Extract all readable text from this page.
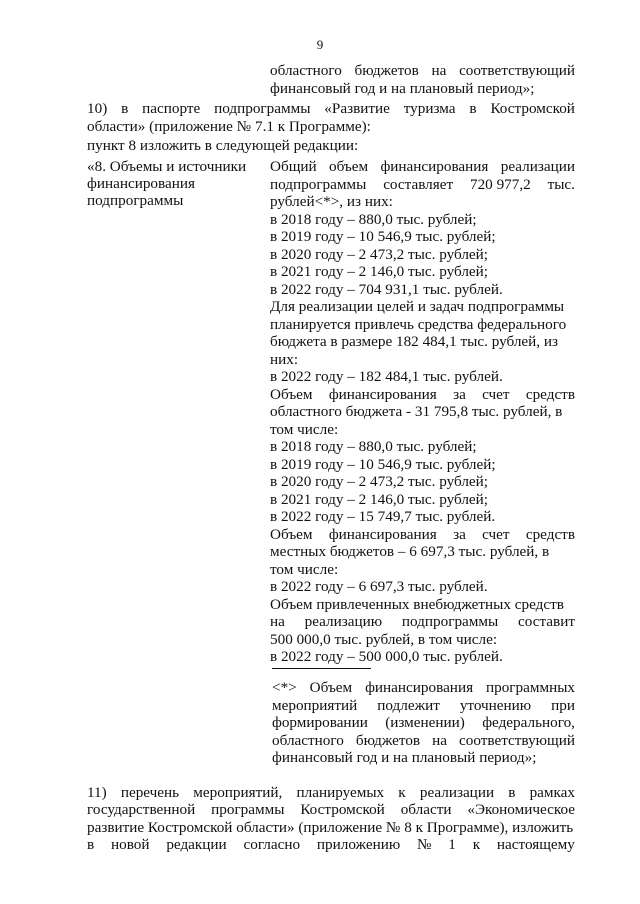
9
областного бюджетов на соответствующий
финансовый год и на плановый период»;
10) в паспорте подпрограммы «Развитие туризма в Костромской
области» (приложение № 7.1 к Программе):
пункт 8 изложить в следующей редакции:
«8. Объемы и источники
финансирования
подпрограммы
Общий объем финансирования реализации
подпрограммы составляет 720 977,2 тыс.
рублей<*>, из них:
в 2018 году – 880,0 тыс. рублей;
в 2019 году – 10 546,9 тыс. рублей;
в 2020 году – 2 473,2 тыс. рублей;
в 2021 году – 2 146,0 тыс. рублей;
в 2022 году – 704 931,1 тыс. рублей.
Для реализации целей и задач подпрограммы
планируется привлечь средства федерального
бюджета в размере 182 484,1 тыс. рублей, из
них:
в 2022 году – 182 484,1 тыс. рублей.
Объем финансирования за счет средств
областного бюджета - 31 795,8 тыс. рублей, в
том числе:
в 2018 году – 880,0 тыс. рублей;
в 2019 году – 10 546,9 тыс. рублей;
в 2020 году – 2 473,2 тыс. рублей;
в 2021 году – 2 146,0 тыс. рублей;
в 2022 году – 15 749,7 тыс. рублей.
Объем финансирования за счет средств
местных бюджетов – 6 697,3 тыс. рублей, в
том числе:
в 2022 году – 6 697,3 тыс. рублей.
Объем привлеченных внебюджетных средств
на реализацию подпрограммы составит
500 000,0 тыс. рублей, в том числе:
в 2022 году – 500 000,0 тыс. рублей.
<*> Объем финансирования программных
мероприятий подлежит уточнению при
формировании (изменении) федерального,
областного бюджетов на соответствующий
финансовый год и на плановый период»;
11) перечень мероприятий, планируемых к реализации в рамках
государственной программы Костромской области «Экономическое
развитие Костромской области» (приложение № 8 к Программе), изложить
в новой редакции согласно приложению № 1 к настоящему
